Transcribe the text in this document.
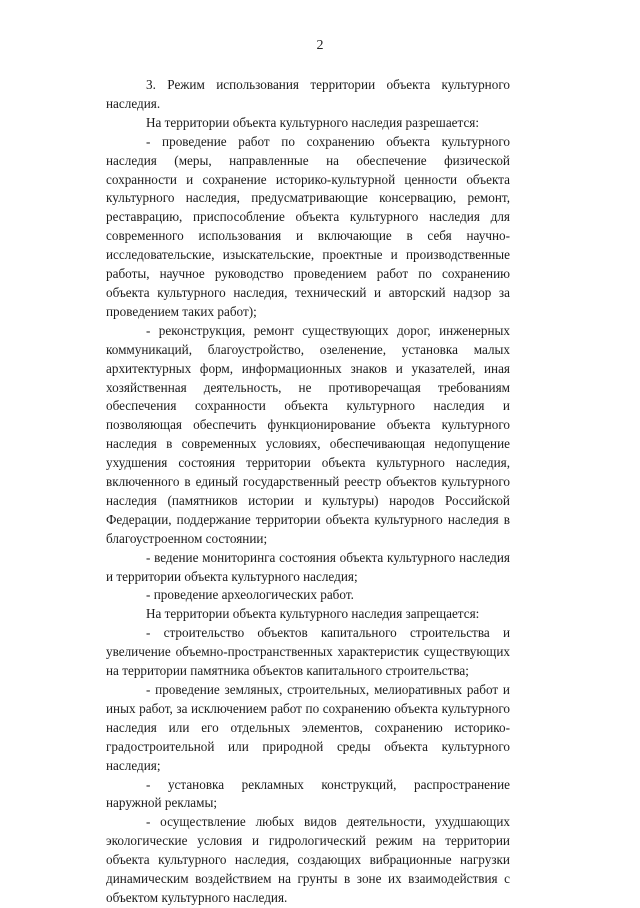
2

3. Режим использования территории объекта культурного наследия.

На территории объекта культурного наследия разрешается:

- проведение работ по сохранению объекта культурного наследия (меры, направленные на обеспечение физической сохранности и сохранение историко-культурной ценности объекта культурного наследия, предусматривающие консервацию, ремонт, реставрацию, приспособление объекта культурного наследия для современного использования и включающие в себя научно-исследовательские, изыскательские, проектные и производственные работы, научное руководство проведением работ по сохранению объекта культурного наследия, технический и авторский надзор за проведением таких работ);

- реконструкция, ремонт существующих дорог, инженерных коммуникаций, благоустройство, озеленение, установка малых архитектурных форм, информационных знаков и указателей, иная хозяйственная деятельность, не противоречащая требованиям обеспечения сохранности объекта культурного наследия и позволяющая обеспечить функционирование объекта культурного наследия в современных условиях, обеспечивающая недопущение ухудшения состояния территории объекта культурного наследия, включенного в единый государственный реестр объектов культурного наследия (памятников истории и культуры) народов Российской Федерации, поддержание территории объекта культурного наследия в благоустроенном состоянии;

- ведение мониторинга состояния объекта культурного наследия и территории объекта культурного наследия;

- проведение археологических работ.

На территории объекта культурного наследия запрещается:

- строительство объектов капитального строительства и увеличение объемно-пространственных характеристик существующих на территории памятника объектов капитального строительства;

- проведение земляных, строительных, мелиоративных работ и иных работ, за исключением работ по сохранению объекта культурного наследия или его отдельных элементов, сохранению историко-градостроительной или природной среды объекта культурного наследия;

- установка рекламных конструкций, распространение наружной рекламы;

- осуществление любых видов деятельности, ухудшающих экологические условия и гидрологический режим на территории объекта культурного наследия, создающих вибрационные нагрузки динамическим воздействием на грунты в зоне их взаимодействия с объектом культурного наследия.
